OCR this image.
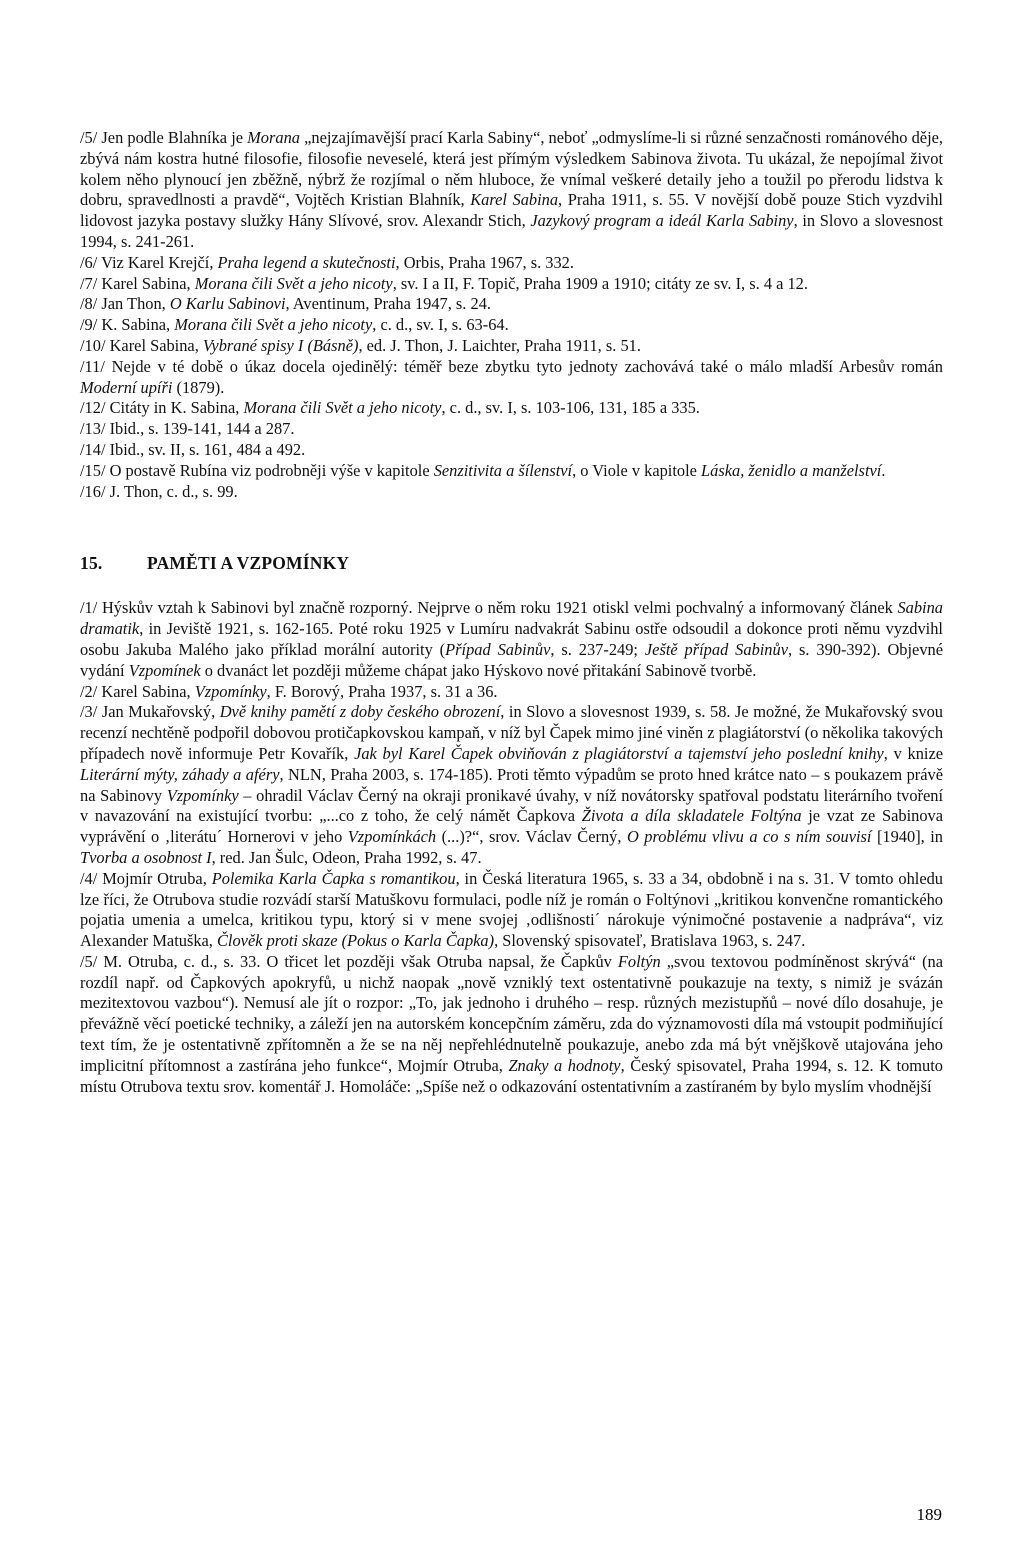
/5/ Jen podle Blahníka je Morana „nejzajímavější prací Karla Sabiny“, neboť „odmyslíme-li si různé senzačnosti románového děje, zbývá nám kostra hutné filosofie, filosofie neveselé, která jest přímým výsledkem Sabinova života. Tu ukázal, že nepojímal život kolem něho plynoucí jen zběžně, nýbrž že rozjímal o něm hluboce, že vnímal veškeré detaily jeho a toužil po přerodu lidstva k dobru, spravedlnosti a pravdě“, Vojtěch Kristian Blahník, Karel Sabina, Praha 1911, s. 55. V novější době pouze Stich vyzdvihl lidovost jazyka postavy služky Hány Slívové, srov. Alexandr Stich, Jazykový program a ideál Karla Sabiny, in Slovo a slovesnost 1994, s. 241-261.

/6/ Viz Karel Krejčí, Praha legend a skutečnosti, Orbis, Praha 1967, s. 332.

/7/ Karel Sabina, Morana čili Svět a jeho nicoty, sv. I a II, F. Topič, Praha 1909 a 1910; citáty ze sv. I, s. 4 a 12.

/8/ Jan Thon, O Karlu Sabinovi, Aventinum, Praha 1947, s. 24.

/9/ K. Sabina, Morana čili Svět a jeho nicoty, c. d., sv. I, s. 63-64.

/10/ Karel Sabina, Vybrané spisy I (Básně), ed. J. Thon, J. Laichter, Praha 1911, s. 51.

/11/ Nejde v té době o úkaz docela ojedinělý: téměř beze zbytku tyto jednoty zachovává také o málo mladší Arbesův román Moderní upíři (1879).

/12/ Citáty in K. Sabina, Morana čili Svět a jeho nicoty, c. d., sv. I, s. 103-106, 131, 185 a 335.

/13/ Ibid., s. 139-141, 144 a 287.

/14/ Ibid., sv. II, s. 161, 484 a 492.

/15/ O postavě Rubína viz podrobněji výše v kapitole Senzitivita a šílenství, o Viole v kapitole Láska, ženidlo a manželství.

/16/ J. Thon, c. d., s. 99.

15.	PAMĚTI A VZPOMÍNKY

/1/ Hýskův vztah k Sabinovi byl značně rozporný. Nejprve o něm roku 1921 otiskl velmi pochvalný a informovaný článek Sabina dramatik, in Jeviště 1921, s. 162-165. Poté roku 1925 v Lumíru nadvakrát Sabinu ostře odsoudil a dokonce proti němu vyzdvihl osobu Jakuba Malého jako příklad morální autority (Případ Sabinův, s. 237-249; Ještě případ Sabinův, s. 390-392). Objevné vydání Vzpomínek o dvanáct let později můžeme chápat jako Hýskovo nové přitakání Sabinově tvorbě.

/2/ Karel Sabina, Vzpomínky, F. Borový, Praha 1937, s. 31 a 36.

/3/ Jan Mukařovský, Dvě knihy pamětí z doby českého obrození, in Slovo a slovesnost 1939, s. 58. Je možné, že Mukařovský svou recenzí nechtěně podpořil dobovou protičapkovskou kampaň, v níž byl Čapek mimo jiné viněn z plagiátorství (o několika takových případech nově informuje Petr Kovařík, Jak byl Karel Čapek obviňován z plagiátorství a tajemství jeho poslední knihy, v knize Literární mýty, záhady a aféry, NLN, Praha 2003, s. 174-185). Proti těmto výpadům se proto hned krátce nato – s poukazem právě na Sabinovy Vzpomínky – ohradil Václav Černý na okraji pronikavé úvahy, v níž novátorsky spatřoval podstatu literárního tvoření v navazování na existující tvorbu: „...co z toho, že celý námět Čapkova Života a díla skladatele Foltýna je vzat ze Sabinova vyprávění o ‚literátu´ Hornerovi v jeho Vzpomínkách (...)?“, srov. Václav Černý, O problému vlivu a co s ním souvisí [1940], in Tvorba a osobnost I, red. Jan Šulc, Odeon, Praha 1992, s. 47.

/4/ Mojmír Otruba, Polemika Karla Čapka s romantikou, in Česká literatura 1965, s. 33 a 34, obdobně i na s. 31. V tomto ohledu lze říci, že Otrubova studie rozvádí starší Matuškovu formulaci, podle níž je román o Foltýnovi „kritikou konvenčne romantického pojatia umenia a umelca, kritikou typu, ktorý si v mene svojej ‚odlišnosti´ nárokuje výnimočné postavenie a nadpráva“, viz Alexander Matuška, Člověk proti skaze (Pokus o Karla Čapka), Slovenský spisovateľ, Bratislava 1963, s. 247.

/5/ M. Otruba, c. d., s. 33. O třicet let později však Otruba napsal, že Čapkův Foltýn „svou textovou podmíněnost skrývá“ (na rozdíl např. od Čapkových apokryfů, u nichž naopak „nově vzniklý text ostentativně poukazuje na texty, s nimiž je svázán mezitextovou vazbou“). Nemusí ale jít o rozpor: „To, jak jednoho i druhého – resp. různých mezistupňů – nové dílo dosahuje, je převážně věcí poetické techniky, a záleží jen na autorském koncepčním záměru, zda do významovosti díla má vstoupit podmiňující text tím, že je ostentativně zpřítomněn a že se na něj nepřehlédnutelně poukazuje, anebo zda má být vnějškově utajována jeho implicitní přítomnost a zastírána jeho funkce“, Mojmír Otruba, Znaky a hodnoty, Český spisovatel, Praha 1994, s. 12. K tomuto místu Otrubova textu srov. komentář J. Homoláče: „Spíše než o odkazování ostentativním a zastíraném by bylo myslím vhodnější

189
